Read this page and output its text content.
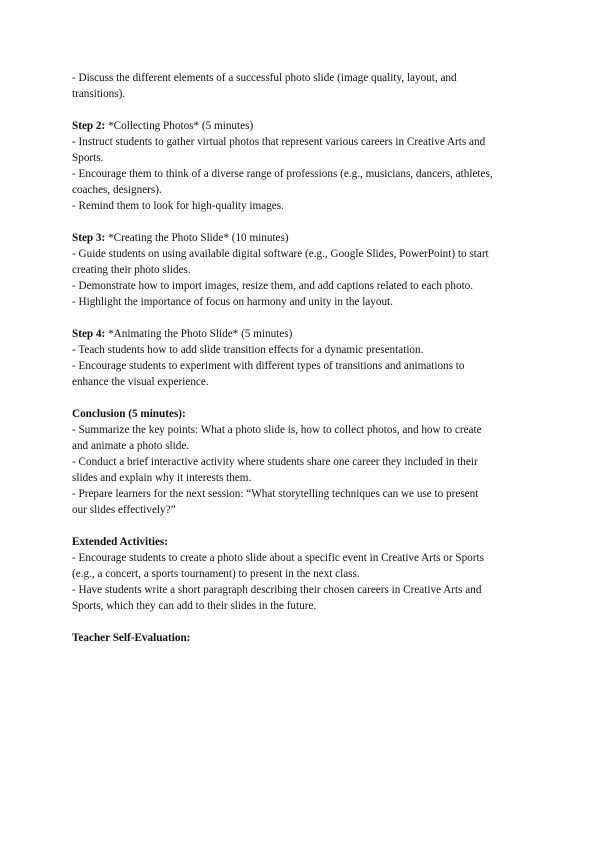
- Discuss the different elements of a successful photo slide (image quality, layout, and
transitions).
Step 2: *Collecting Photos* (5 minutes)
- Instruct students to gather virtual photos that represent various careers in Creative Arts and
Sports.
- Encourage them to think of a diverse range of professions (e.g., musicians, dancers, athletes,
coaches, designers).
- Remind them to look for high-quality images.
Step 3: *Creating the Photo Slide* (10 minutes)
- Guide students on using available digital software (e.g., Google Slides, PowerPoint) to start
creating their photo slides.
- Demonstrate how to import images, resize them, and add captions related to each photo.
- Highlight the importance of focus on harmony and unity in the layout.
Step 4: *Animating the Photo Slide* (5 minutes)
- Teach students how to add slide transition effects for a dynamic presentation.
- Encourage students to experiment with different types of transitions and animations to
enhance the visual experience.
Conclusion (5 minutes):
- Summarize the key points: What a photo slide is, how to collect photos, and how to create
and animate a photo slide.
- Conduct a brief interactive activity where students share one career they included in their
slides and explain why it interests them.
- Prepare learners for the next session: “What storytelling techniques can we use to present
our slides effectively?”
Extended Activities:
- Encourage students to create a photo slide about a specific event in Creative Arts or Sports
(e.g., a concert, a sports tournament) to present in the next class.
- Have students write a short paragraph describing their chosen careers in Creative Arts and
Sports, which they can add to their slides in the future.
Teacher Self-Evaluation:
